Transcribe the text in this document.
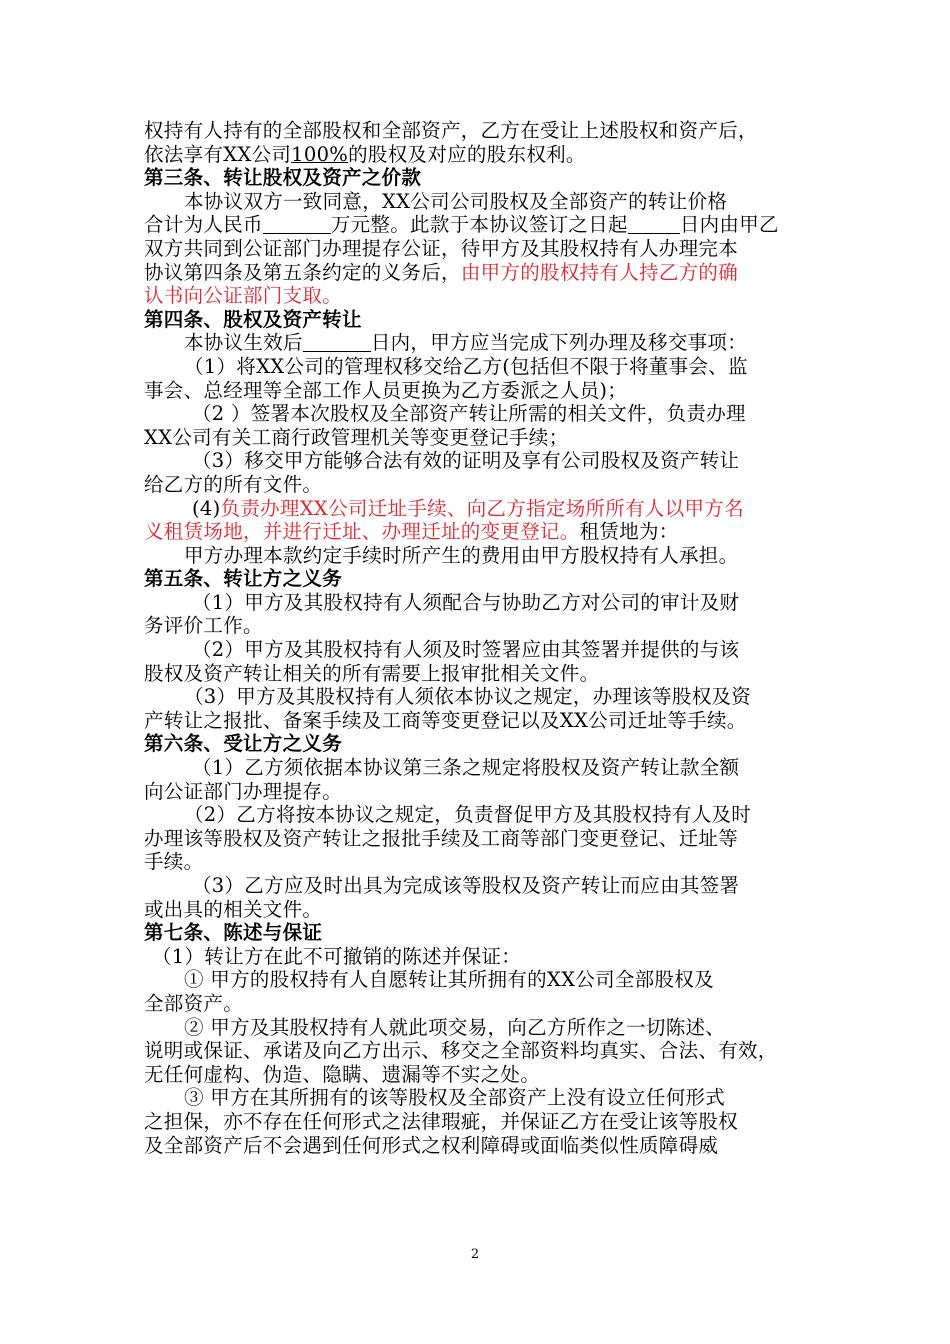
权持有人持有的全部股权和全部资产，乙方在受让上述股权和资产后，
依法享有XX公司100%的股权及对应的股东权利。
第三条、转让股权及资产之价款
本协议双方一致同意，XX公司公司股权及全部资产的转让价格
合计为人民币	万元整。此款于本协议签订之日起	日内由甲乙
双方共同到公证部门办理提存公证，待甲方及其股权持有人办理完本
协议第四条及第五条约定的义务后，由甲方的股权持有人持乙方的确
认书向公证部门支取。
第四条、股权及资产转让
本协议生效后	日内，甲方应当完成下列办理及移交事项：
（1）将XX公司的管理权移交给乙方(包括但不限于将董事会、监
事会、总经理等全部工作人员更换为乙方委派之人员)；
（2 ）签署本次股权及全部资产转让所需的相关文件，负责办理
XX公司有关工商行政管理机关等变更登记手续；
（3）移交甲方能够合法有效的证明及享有公司股权及资产转让
给乙方的所有文件。
(4)负责办理XX公司迁址手续、向乙方指定场所所有人以甲方名
义租赁场地，并进行迁址、办理迁址的变更登记。租赁地为：
甲方办理本款约定手续时所产生的费用由甲方股权持有人承担。
第五条、转让方之义务
（1）甲方及其股权持有人须配合与协助乙方对公司的审计及财
务评价工作。
（2）甲方及其股权持有人须及时签署应由其签署并提供的与该
股权及资产转让相关的所有需要上报审批相关文件。
（3）甲方及其股权持有人须依本协议之规定，办理该等股权及资
产转让之报批、备案手续及工商等变更登记以及XX公司迁址等手续。
第六条、受让方之义务
（1）乙方须依据本协议第三条之规定将股权及资产转让款全额
向公证部门办理提存。
（2）乙方将按本协议之规定，负责督促甲方及其股权持有人及时
办理该等股权及资产转让之报批手续及工商等部门变更登记、迁址等
手续。
（3）乙方应及时出具为完成该等股权及资产转让而应由其签署
或出具的相关文件。
第七条、陈述与保证
（1）转让方在此不可撤销的陈述并保证：
① 甲方的股权持有人自愿转让其所拥有的XX公司全部股权及
全部资产。
② 甲方及其股权持有人就此项交易，向乙方所作之一切陈述、
说明或保证、承诺及向乙方出示、移交之全部资料均真实、合法、有效，
无任何虚构、伪造、隐瞒、遗漏等不实之处。
③ 甲方在其所拥有的该等股权及全部资产上没有设立任何形式
之担保，亦不存在任何形式之法律瑕疵，并保证乙方在受让该等股权
及全部资产后不会遇到任何形式之权利障碍或面临类似性质障碍威
2
